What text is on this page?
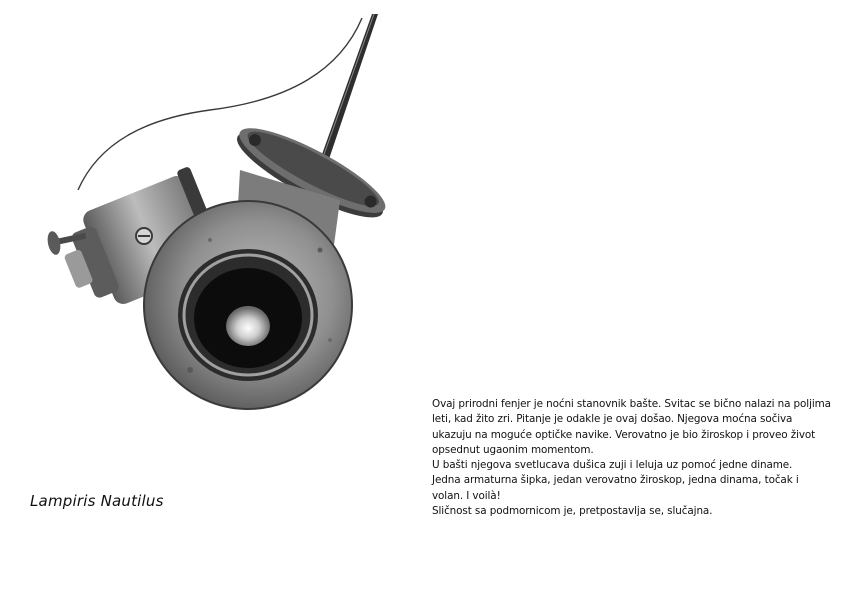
Lampiris Nautilus

Ovaj prirodni fenjer je noćni stanovnik bašte. Svitac se bično nalazi na poljima leti, kad žito zri. Pitanje je odakle je ovaj došao. Njegova moćna sočiva ukazuju na moguće optičke navike. Verovatno je bio žiroskop i proveo život opsednut ugaonim momentom.

U bašti njegova svetlucava dušica zuji i leluja uz pomoć jedne dinamе.

Jedna armaturna šipka, jedan verovatno žiroskop, jedna dinama, točak i volan. I voilà!

Sličnost sa podmornicom je, pretpostavlja se, slučajna.
